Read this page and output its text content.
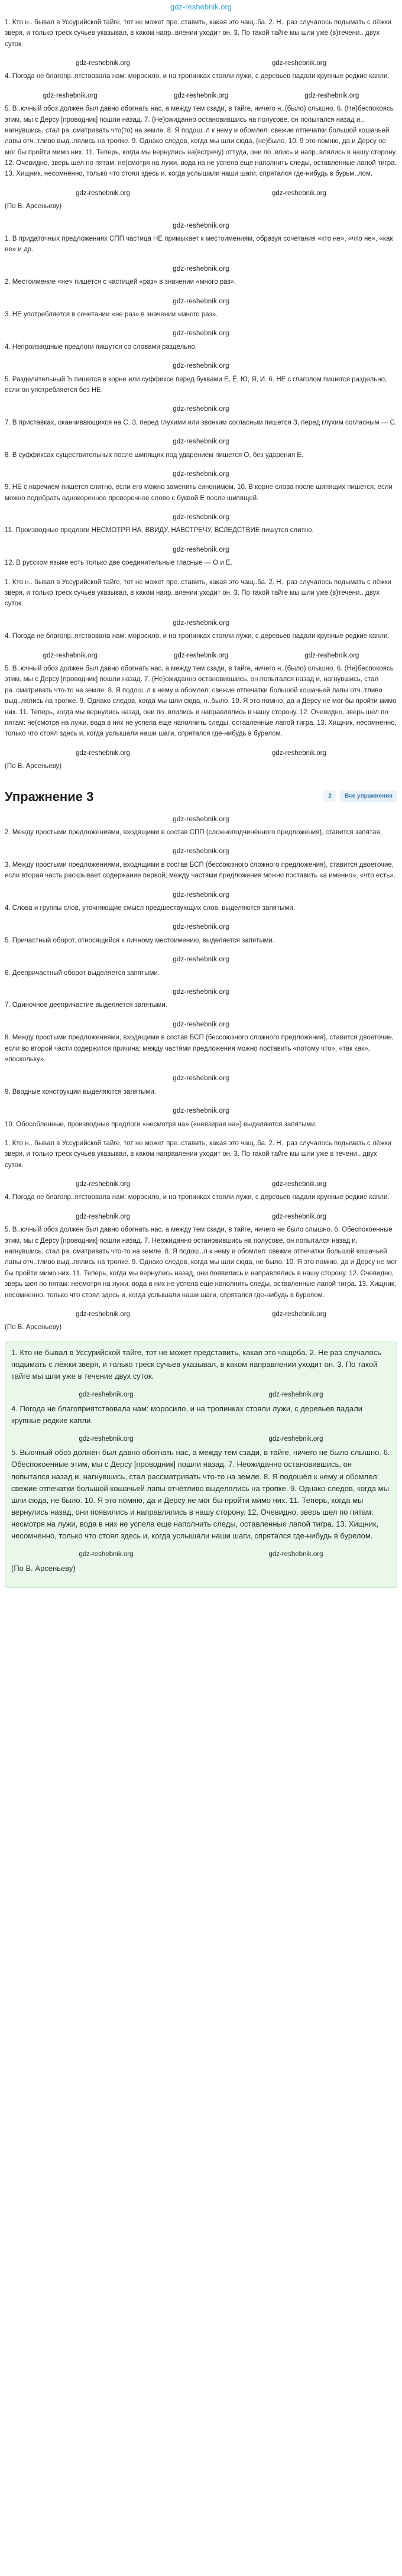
gdz-reshebnik.org

1. Кто н.. бывал в Уссурийской тайге, тот не может пре..ставить, какая это чащ..ба. 2. Н.. раз случалось подымать с лёжки зверя, и только треск сучьев указывал, в каком напр..влении уходит он. 3. По такой тайге мы шли уже (в)течени.. двух суток.

gdz-reshebnik.org	gdz-reshebnik.org

4. Погода не благопр..ятствовала нам: моросило, и на тропинках стояли лужи, с деревьев падали крупные редкие капли.

gdz-reshebnik.org	gdz-reshebnik.org	gdz-reshebnik.org

5. В..ючный обоз должен был давно обогнать нас, а между тем сзади, в тайге, ничего н..(было) слышно. 6. (Не)беспокоясь этим, мы с Дерсу [проводник] пошли назад. 7. (Не)ожиданно остановившись на полусове, он попытался назад и.. нагнувшись, стал ра..сматривать что(то) на земле. 8. Я подош..л к нему и обомлел: свежие отпечатки большой кошачьей лапы отч..тливо выд..лялись на тропке. 9. Однако следов, когда мы шли сюда, (не)было. 10. 9 это помню, да и Дерсу не мог бы пройти мимо них. 11. Теперь, когда мы вернулись на(встречу) оттуда, они по..влись и напр..влялись в нашу сторону. 12. Очевидно, зверь шел по пятам: не(смотря на лужи, вода на не успела еще наполнить следы, оставленные лапой тигра. 13. Хищник, несомненно, только что стоял здесь и, когда услышали наши шаги, спрятался где-нибудь в бурьм..лом.

gdz-reshebnik.org	gdz-reshebnik.org

(По В. Арсеньеву)

gdz-reshebnik.org

1. В придаточных предложениях СПП частица НЕ примыкает к местоимениям, образуя сочетания «кто не», «что не», «как не» и др.

gdz-reshebnik.org

2. Местоимение «не» пишется с частицей «раз» в значении «много раз».

gdz-reshebnik.org

3. НЕ употребляется в сочетании «не раз» в значении «много раз».

gdz-reshebnik.org

4. Непроизводные предлоги пишутся со словами раздельно.

gdz-reshebnik.org

5. Разделительный Ъ пишется в корне или суффиксе перед буквами Е, Ё, Ю, Я, И. 6. НЕ с глаголом пишется раздельно, если он употребляется без НЕ.

gdz-reshebnik.org

7. В приставках, оканчивающихся на С, З, перед глухими или звонким согласным пишется З, перед глухим согласным — С.

gdz-reshebnik.org

8. В суффиксах существительных после шипящих под ударением пишется О, без ударения Е.

gdz-reshebnik.org

9. НЕ с наречием пишется слитно, если его можно заменить синонимом. 10. В корне слова после шипящих пишется, если можно подобрать однокоренное проверочное слово с буквой Е после шипящей.

gdz-reshebnik.org

11. Производные предлоги НЕСМОТРЯ НА, ВВИДУ, НАВСТРЕЧУ, ВСЛЕДСТВИЕ пишутся слитно.

gdz-reshebnik.org

12. В русском языке есть только две соединительные гласные — О и Е.

1. Кто н.. бывал в Уссурийской тайге, тот не может пре..ставить, какая это чащ..ба. 2. Н.. раз случалось подымать с лёжки зверя, и только треск сучьев указывал, в каком напр..влении уходит он. 3. По такой тайге мы шли уже (в)течени.. двух суток.

gdz-reshebnik.org

4. Погода не благопр..ятствовала нам: моросило, и на тропинках стояли лужи, с деревьев падали крупные редкие капли.

gdz-reshebnik.org	gdz-reshebnik.org	gdz-reshebnik.org

5. В..ючный обоз должен был давно обогнать нас, а между тем сзади, в тайге, ничего н..(было) слышно. 6. (Не)беспокоясь этим, мы с Дерсу [проводник] пошли назад. 7. (Не)ожиданно остановившись, он попытался назад и, нагнувшись, стал ра..сматривать что-то на земле. 8. Я подош..л к нему и обомлел: свежие отпечатки большой кошачьей лапы отч..тливо выд..лялись на тропке. 9. Однако следов, когда мы шли сюда, н..было. 10. Я это помню, да и Дерсу не мог бы пройти мимо них. 11. Теперь, когда мы вернулись назад, они по..влились и направлялись в нашу сторону. 12. Очевидно, зверь шел по пятам: не(смотря на лужи, вода в них не успела еще наполнить следы, оставленные лапой тигра. 13. Хищник, несомненно, только что стоял здесь и, когда услышали наши шаги, спрятался где-нибудь в бурелом.

gdz-reshebnik.org	gdz-reshebnik.org

(По В. Арсеньеву)

Упражнение 3	2	Все упражнения
gdz-reshebnik.org

2. Между простыми предложениями, входящими в состав СПП (сложноподчинённого предложения), ставится запятая.

gdz-reshebnik.org

3. Между простыми предложениями, входящими в состав БСП (бессоюзного сложного предложения), ставится двоеточие, если вторая часть раскрывает содержание первой; между частями предложения можно поставить «а именно», «что есть».

gdz-reshebnik.org

4. Слова и группы слов, уточняющие смысл предшествующих слов, выделяются запятыми.

gdz-reshebnik.org

5. Причастный оборот, относящийся к личному местоимению, выделяется запятыми.

gdz-reshebnik.org

6. Деепричастный оборот выделяется запятыми.

gdz-reshebnik.org

7. Одиночное деепричастие выделяется запятыми.

gdz-reshebnik.org

8. Между простыми предложениями, входящими в состав БСП (бессоюзного сложного предложения), ставится двоеточие, если во второй части содержится причина; между частями предложения можно поставить «потому что», «так как», «поскольку».

gdz-reshebnik.org

9. Вводные конструкции выделяются запятыми.

gdz-reshebnik.org

10. Обособленные, производные предлоги «несмотря на» («невзирая на») выделяются запятыми.

1. Кто н.. бывал в Уссурийской тайге, тот не может пре..ставить, какая это чащ..ба. 2. Н.. раз случалось подымать с лёжки зверя, и только треск сучьев указывал, в каком направлении уходит он. 3. По такой тайге мы шли уже в течени.. двух суток.

gdz-reshebnik.org	gdz-reshebnik.org

4. Погода не благопр..ятствовала нам: моросило, и на тропинках стояли лужи, с деревьев падали крупные редкие капли.

gdz-reshebnik.org	gdz-reshebnik.org

5. В..ючный обоз должен был давно обогнать нас, а между тем сзади, в тайге, ничего не было слышно. 6. Обеспокоенные этим, мы с Дерсу [проводник] пошли назад. 7. Неожиданно остановившись на полусове, он попытался назад и, нагнувшись, стал ра..сматривать что-то на земле. 8. Я подош..л к нему и обомлел: свежие отпечатки большой кошачьей лапы отч..тливо выд..лялись на тропке. 9. Однако следов, когда мы шли сюда, не было. 10. Я это помню, да и Дерсу не мог бы пройти мимо них. 11. Теперь, когда мы вернулись назад, они появились и направлялись в нашу сторону. 12. Очевидно, зверь шел по пятам: несмотря на лужи, вода в них не успела еще наполнить следы, оставленные лапой тигра. 13. Хищник, несомненно, только что стоял здесь и, когда услышали наши шаги, спрятался где-нибудь в бурелом.

gdz-reshebnik.org	gdz-reshebnik.org

(По В. Арсеньеву)

1. Кто не бывал в Уссурийской тайге, тот не может представить, какая это чащоба. 2. Не раз случалось подымать с лёжки зверя, и только треск сучьев указывал, в каком направлении уходит он. 3. По такой тайге мы шли уже в течение двух суток.

gdz-reshebnik.org	gdz-reshebnik.org

4. Погода не благоприятствовала нам: моросило, и на тропинках стояли лужи, с деревьев падали крупные редкие капли.

gdz-reshebnik.org	gdz-reshebnik.org

5. Вьючный обоз должен был давно обогнать нас, а между тем сзади, в тайге, ничего не было слышно. 6. Обеспокоенные этим, мы с Дерсу [проводник] пошли назад. 7. Неожиданно остановившись, он попытался назад и, нагнувшись, стал рассматривать что-то на земле. 8. Я подошёл к нему и обомлел: свежие отпечатки большой кошачьей лапы отчётливо выделялись на тропке. 9. Однако следов, когда мы шли сюда, не было. 10. Я это помню, да и Дерсу не мог бы пройти мимо них. 11. Теперь, когда мы вернулись назад, они появились и направлялись в нашу сторону. 12. Очевидно, зверь шел по пятам: несмотря на лужи, вода в них не успела еще наполнить следы, оставленные лапой тигра. 13. Хищник, несомненно, только что стоял здесь и, когда услышали наши шаги, спрятался где-нибудь в бурелом.

gdz-reshebnik.org	gdz-reshebnik.org

(По В. Арсеньеву)
